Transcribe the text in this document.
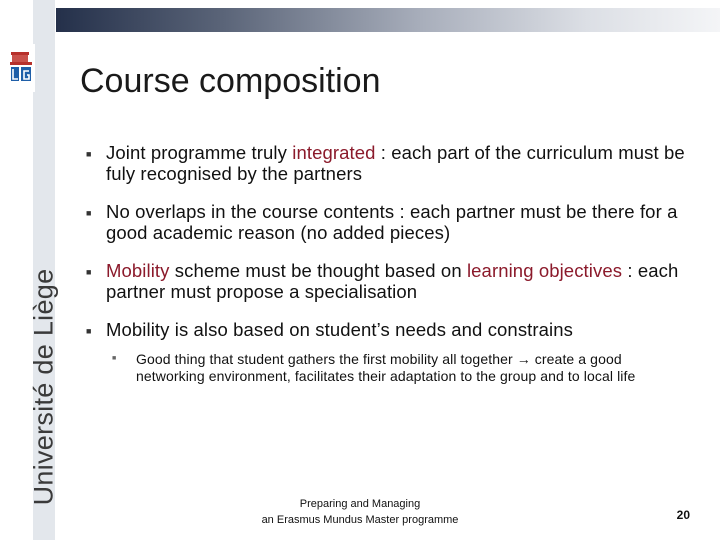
Université de Liège
Course composition
■ Joint programme truly integrated : each part of the curriculum must be fuly recognised by the partners
■ No overlaps in the course contents : each partner must be there for a good academic reason (no added pieces)
■ Mobility scheme must be thought based on learning objectives : each partner must propose a specialisation
■ Mobility is also based on student’s needs and constrains
■	Good thing that student gathers the first mobility all together → create a good networking environment, facilitates their adaptation to the group and to local life
Preparing and Managing
an Erasmus Mundus Master programme	20
